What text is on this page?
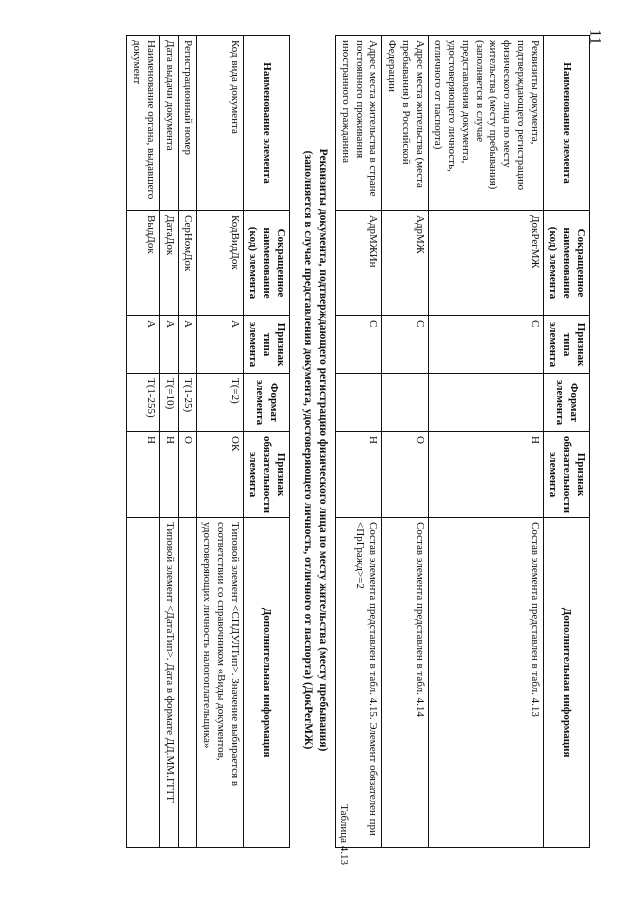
11
Наименование элемента	Сокращенное наименование (код) элемента	Признак типа элемента	Формат элемента	Признак обязательности элемента	Дополнительная информация
Реквизиты документа, подтверждающего регистрацию физического лица по месту жительства (месту пребывания) (заполняется в случае представления документа, удостоверяющего личность, отличного от паспорта)	ДокРегМЖ	С		Н	Состав элемента представлен в табл. 4.13
Адрес места жительства (места пребывания) в Российской Федерации	АдрМЖ	С		О	Состав элемента представлен в табл. 4.14
Адрес места жительства в стране постоянного проживания иностранного гражданина	АдрМЖИн	С		Н	Состав элемента представлен в табл. 4.15. Элемент обязателен при <ПрГражд>=2
Таблица 4.13
Реквизиты документа, подтверждающего регистрацию физического лица по месту жительства (месту пребывания)
(заполняется в случае представления документа, удостоверяющего личность, отличного от паспорта) (ДокРегМЖ)
Наименование элемента	Сокращенное наименование (код) элемента	Признак типа элемента	Формат элемента	Признак обязательности элемента	Дополнительная информация
Код вида документа	КодВидДок	А	T(=2)	ОК	Типовой элемент <СПДУЛТип>. Значение выбирается в соответствии со справочником «Виды документов, удостоверяющих личность налогоплательщика»
Регистрационный номер	СерНомДок	А	T(1-25)	О	
Дата выдачи документа	ДатаДок	А	T(=10)	Н	Типовой элемент <ДатаТип>. Дата в формате ДД.ММ.ГГГГ
Наименование органа, выдавшего документ	ВыдДок	А	T(1-255)	Н	
